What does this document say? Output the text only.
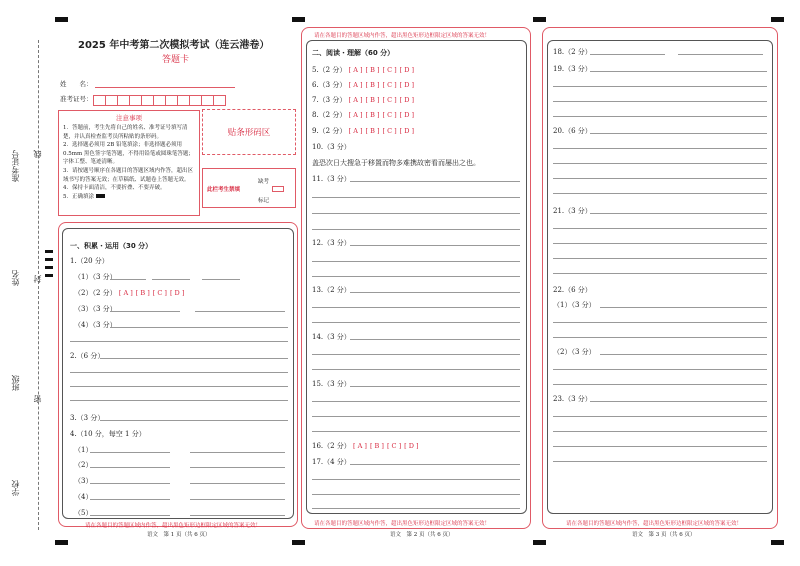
准考证号 线
姓名 封
班级
密
学校
2025 年中考第二次模拟考试（连云港卷）
答题卡
姓　　名：
准考证号：
注意事项
1．答题前，考生先将自己的姓名、准考证号填写清楚，并认真检查监考员所粘贴的条形码。
2．选择题必须用 2B 铅笔填涂；非选择题必须用 0.5mm 黑色签字笔答题，不得用铅笔或圆珠笔答题；字体工整、笔迹清晰。
3．请按题号顺序在各题目的答题区域内作答，超出区域书写的答案无效；在草稿纸、试题卷上答题无效。
4．保持卡面清洁，不要折叠、不要弄破。
5．正确填涂
贴条形码区
此栏考生禁填
缺考
标记
请在各题目的答题区域内作答，超出黑色矩形边框限定区域的答案无效！
语文　第 1 页（共 6 页）
一、积累・运用（30 分）
1.（20 分）
（1）（3 分）
（2）（2 分） [ A ] [ B ] [ C ] [ D ]
（3）（3 分）
（4）（3 分）
2.（6 分）
3.（3 分）
4.（10 分，每空 1 分）
（1）
（2）
（3）
（4）
（5）
请在各题目的答题区域内作答，超出黑色矩形边框限定区域的答案无效！
请在各题目的答题区域内作答，超出黑色矩形边框限定区域的答案无效！
语文　第 2 页（共 6 页）
二、阅读・理解（60 分）
5.（2 分） [ A ] [ B ] [ C ] [ D ]
6.（3 分） [ A ] [ B ] [ C ] [ D ]
7.（3 分） [ A ] [ B ] [ C ] [ D ]
8.（2 分） [ A ] [ B ] [ C ] [ D ]
9.（2 分） [ A ] [ B ] [ C ] [ D ]
10.（3 分）
盖恐次日大搜急于移置而物多难携故密看而屡出之也。
11.（3 分）
12.（3 分）
13.（2 分）
14.（3 分）
15.（3 分）
16.（2 分） [ A ] [ B ] [ C ] [ D ]
17.（4 分）
请在各题目的答题区域内作答，超出黑色矩形边框限定区域的答案无效！
语文　第 3 页（共 6 页）
18.（2 分）
19.（3 分）
20.（6 分）
21.（3 分）
22.（6 分）
（1）（3 分）
（2）（3 分）
23.（3 分）
